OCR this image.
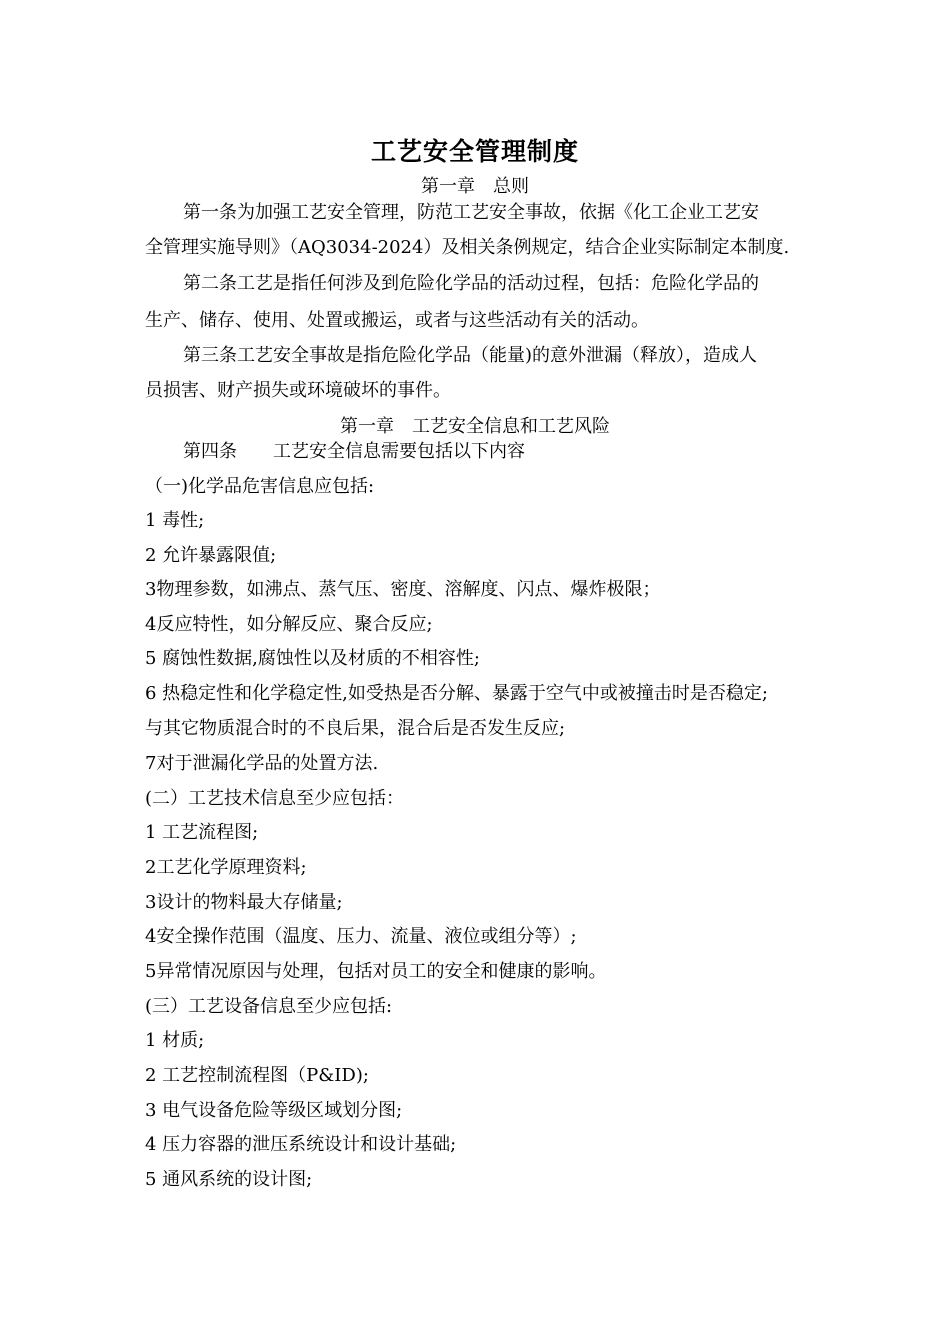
工艺安全管理制度
第一章　总则
第一条为加强工艺安全管理，防范工艺安全事故，依据《化工企业工艺安
全管理实施导则》（AQ3034-2024）及相关条例规定，结合企业实际制定本制度.
第二条工艺是指任何涉及到危险化学品的活动过程，包括：危险化学品的
生产、储存、使用、处置或搬运，或者与这些活动有关的活动。
第三条工艺安全事故是指危险化学品（能量)的意外泄漏（释放），造成人
员损害、财产损失或环境破坏的事件。
第一章　工艺安全信息和工艺风险
第四条　　工艺安全信息需要包括以下内容
（一)化学品危害信息应包括:
1 毒性;
2 允许暴露限值;
3物理参数，如沸点、蒸气压、密度、溶解度、闪点、爆炸极限；
4反应特性，如分解反应、聚合反应;
5 腐蚀性数据,腐蚀性以及材质的不相容性;
6 热稳定性和化学稳定性,如受热是否分解、暴露于空气中或被撞击时是否稳定;
与其它物质混合时的不良后果，混合后是否发生反应;
7对于泄漏化学品的处置方法.
(二）工艺技术信息至少应包括：
1 工艺流程图;
2工艺化学原理资料;
3设计的物料最大存储量;
4安全操作范围（温度、压力、流量、液位或组分等）;
5异常情况原因与处理，包括对员工的安全和健康的影响。
(三）工艺设备信息至少应包括:
1 材质;
2 工艺控制流程图（P&ID);
3 电气设备危险等级区域划分图;
4 压力容器的泄压系统设计和设计基础;
5 通风系统的设计图;
